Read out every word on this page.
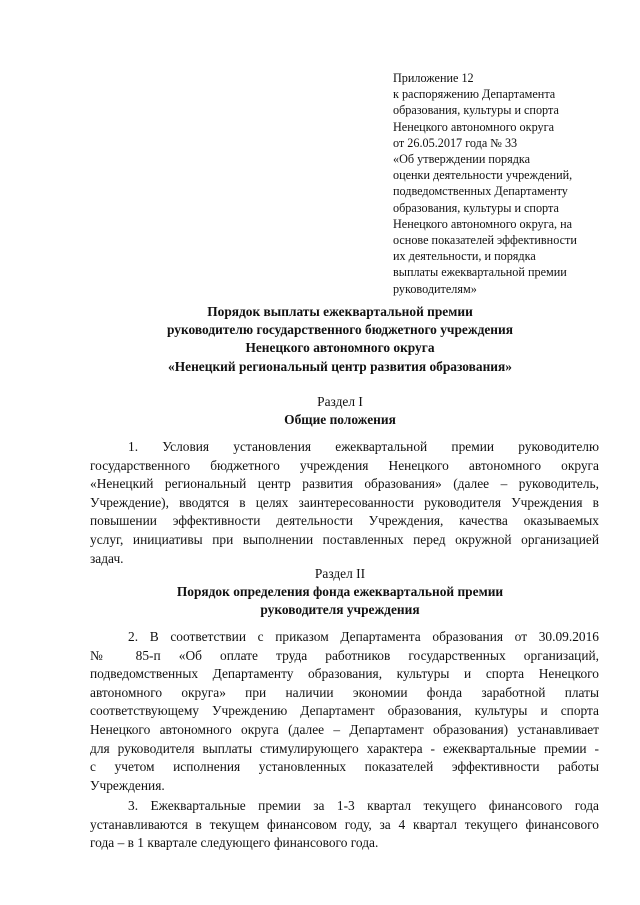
Приложение 12
к распоряжению Департамента
образования, культуры и спорта
Ненецкого автономного округа
от 26.05.2017 года № 33
«Об утверждении порядка
оценки деятельности учреждений,
подведомственных Департаменту
образования, культуры и спорта
Ненецкого автономного округа, на
основе показателей эффективности
их деятельности, и порядка
выплаты ежеквартальной премии
руководителям»
Порядок выплаты ежеквартальной премии
руководителю государственного бюджетного учреждения
Ненецкого автономного округа
«Ненецкий региональный центр развития образования»
Раздел I
Общие положения
1. Условия установления ежеквартальной премии руководителю
государственного бюджетного учреждения Ненецкого автономного округа
«Ненецкий региональный центр развития образования» (далее – руководитель,
Учреждение), вводятся в целях заинтересованности руководителя Учреждения в
повышении эффективности деятельности Учреждения, качества оказываемых
услуг, инициативы при выполнении поставленных перед окружной организацией
задач.
Раздел II
Порядок определения фонда ежеквартальной премии
руководителя учреждения
2. В соответствии с приказом Департамента образования от 30.09.2016
№ 85-п «Об оплате труда работников государственных организаций,
подведомственных Департаменту образования, культуры и спорта Ненецкого
автономного округа» при наличии экономии фонда заработной платы
соответствующему Учреждению Департамент образования, культуры и спорта
Ненецкого автономного округа (далее – Департамент образования) устанавливает
для руководителя выплаты стимулирующего характера - ежеквартальные премии -
с учетом исполнения установленных показателей эффективности работы
Учреждения.
3. Ежеквартальные премии за 1-3 квартал текущего финансового года
устанавливаются в текущем финансовом году, за 4 квартал текущего финансового
года – в 1 квартале следующего финансового года.
